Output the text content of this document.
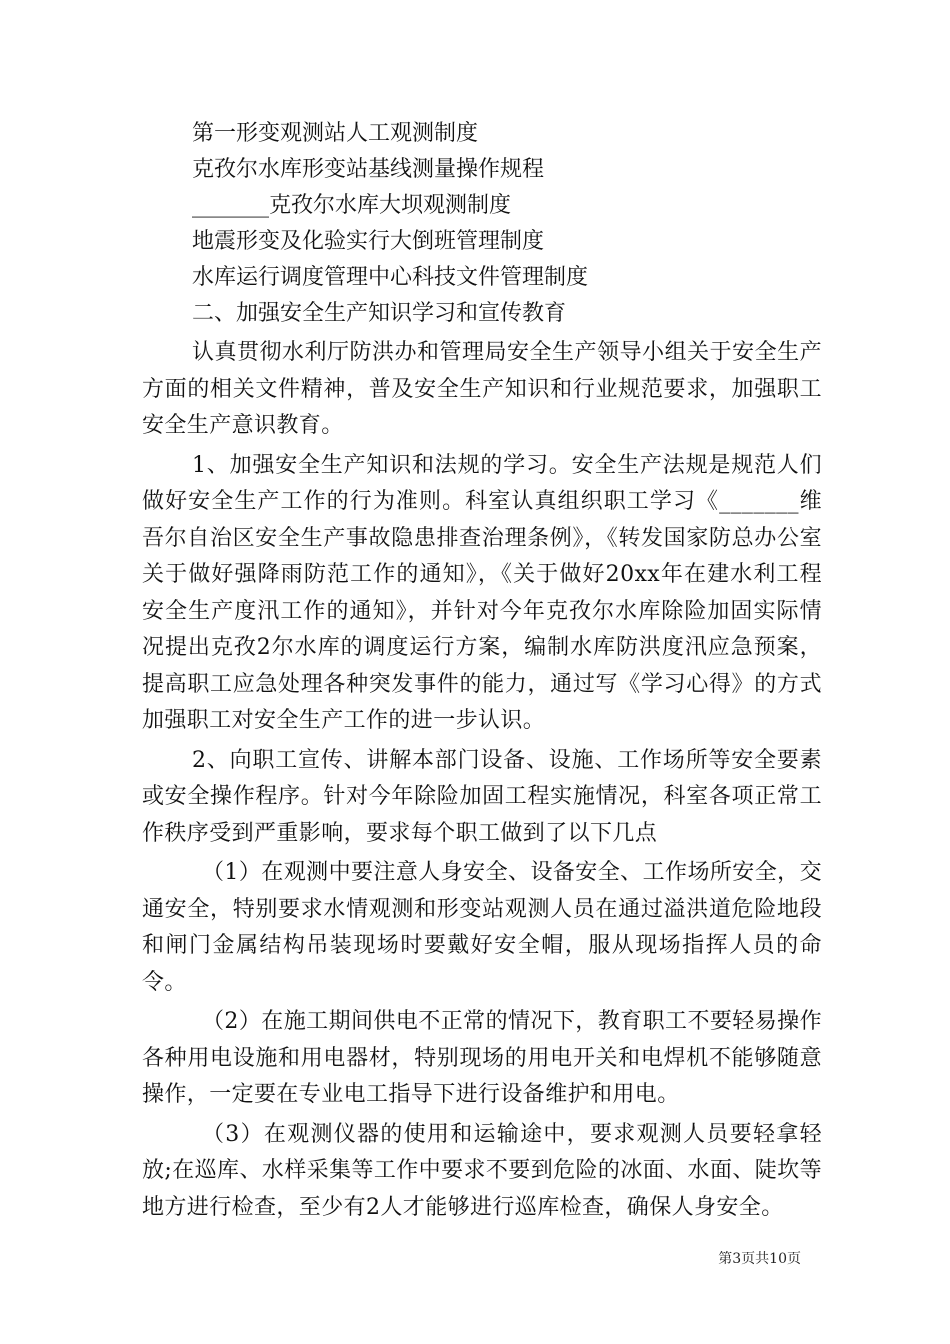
第一形变观测站人工观测制度
克孜尔水库形变站基线测量操作规程
_______克孜尔水库大坝观测制度
地震形变及化验实行大倒班管理制度
水库运行调度管理中心科技文件管理制度
二、加强安全生产知识学习和宣传教育

认真贯彻水利厅防洪办和管理局安全生产领导小组关于安全生产方面的相关文件精神，普及安全生产知识和行业规范要求，加强职工安全生产意识教育。

1、加强安全生产知识和法规的学习。安全生产法规是规范人们做好安全生产工作的行为准则。科室认真组织职工学习《_______维吾尔自治区安全生产事故隐患排查治理条例》，《转发国家防总办公室关于做好强降雨防范工作的通知》，《关于做好20xx年在建水利工程安全生产度汛工作的通知》，并针对今年克孜尔水库除险加固实际情况提出克孜2尔水库的调度运行方案，编制水库防洪度汛应急预案，提高职工应急处理各种突发事件的能力，通过写《学习心得》的方式加强职工对安全生产工作的进一步认识。

2、向职工宣传、讲解本部门设备、设施、工作场所等安全要素或安全操作程序。针对今年除险加固工程实施情况，科室各项正常工作秩序受到严重影响，要求每个职工做到了以下几点

（1）在观测中要注意人身安全、设备安全、工作场所安全，交通安全，特别要求水情观测和形变站观测人员在通过溢洪道危险地段和闸门金属结构吊装现场时要戴好安全帽，服从现场指挥人员的命令。

（2）在施工期间供电不正常的情况下，教育职工不要轻易操作各种用电设施和用电器材，特别现场的用电开关和电焊机不能够随意操作，一定要在专业电工指导下进行设备维护和用电。

（3）在观测仪器的使用和运输途中，要求观测人员要轻拿轻放;在巡库、水样采集等工作中要求不要到危险的冰面、水面、陡坎等地方进行检查，至少有2人才能够进行巡库检查，确保人身安全。

第3页共10页
